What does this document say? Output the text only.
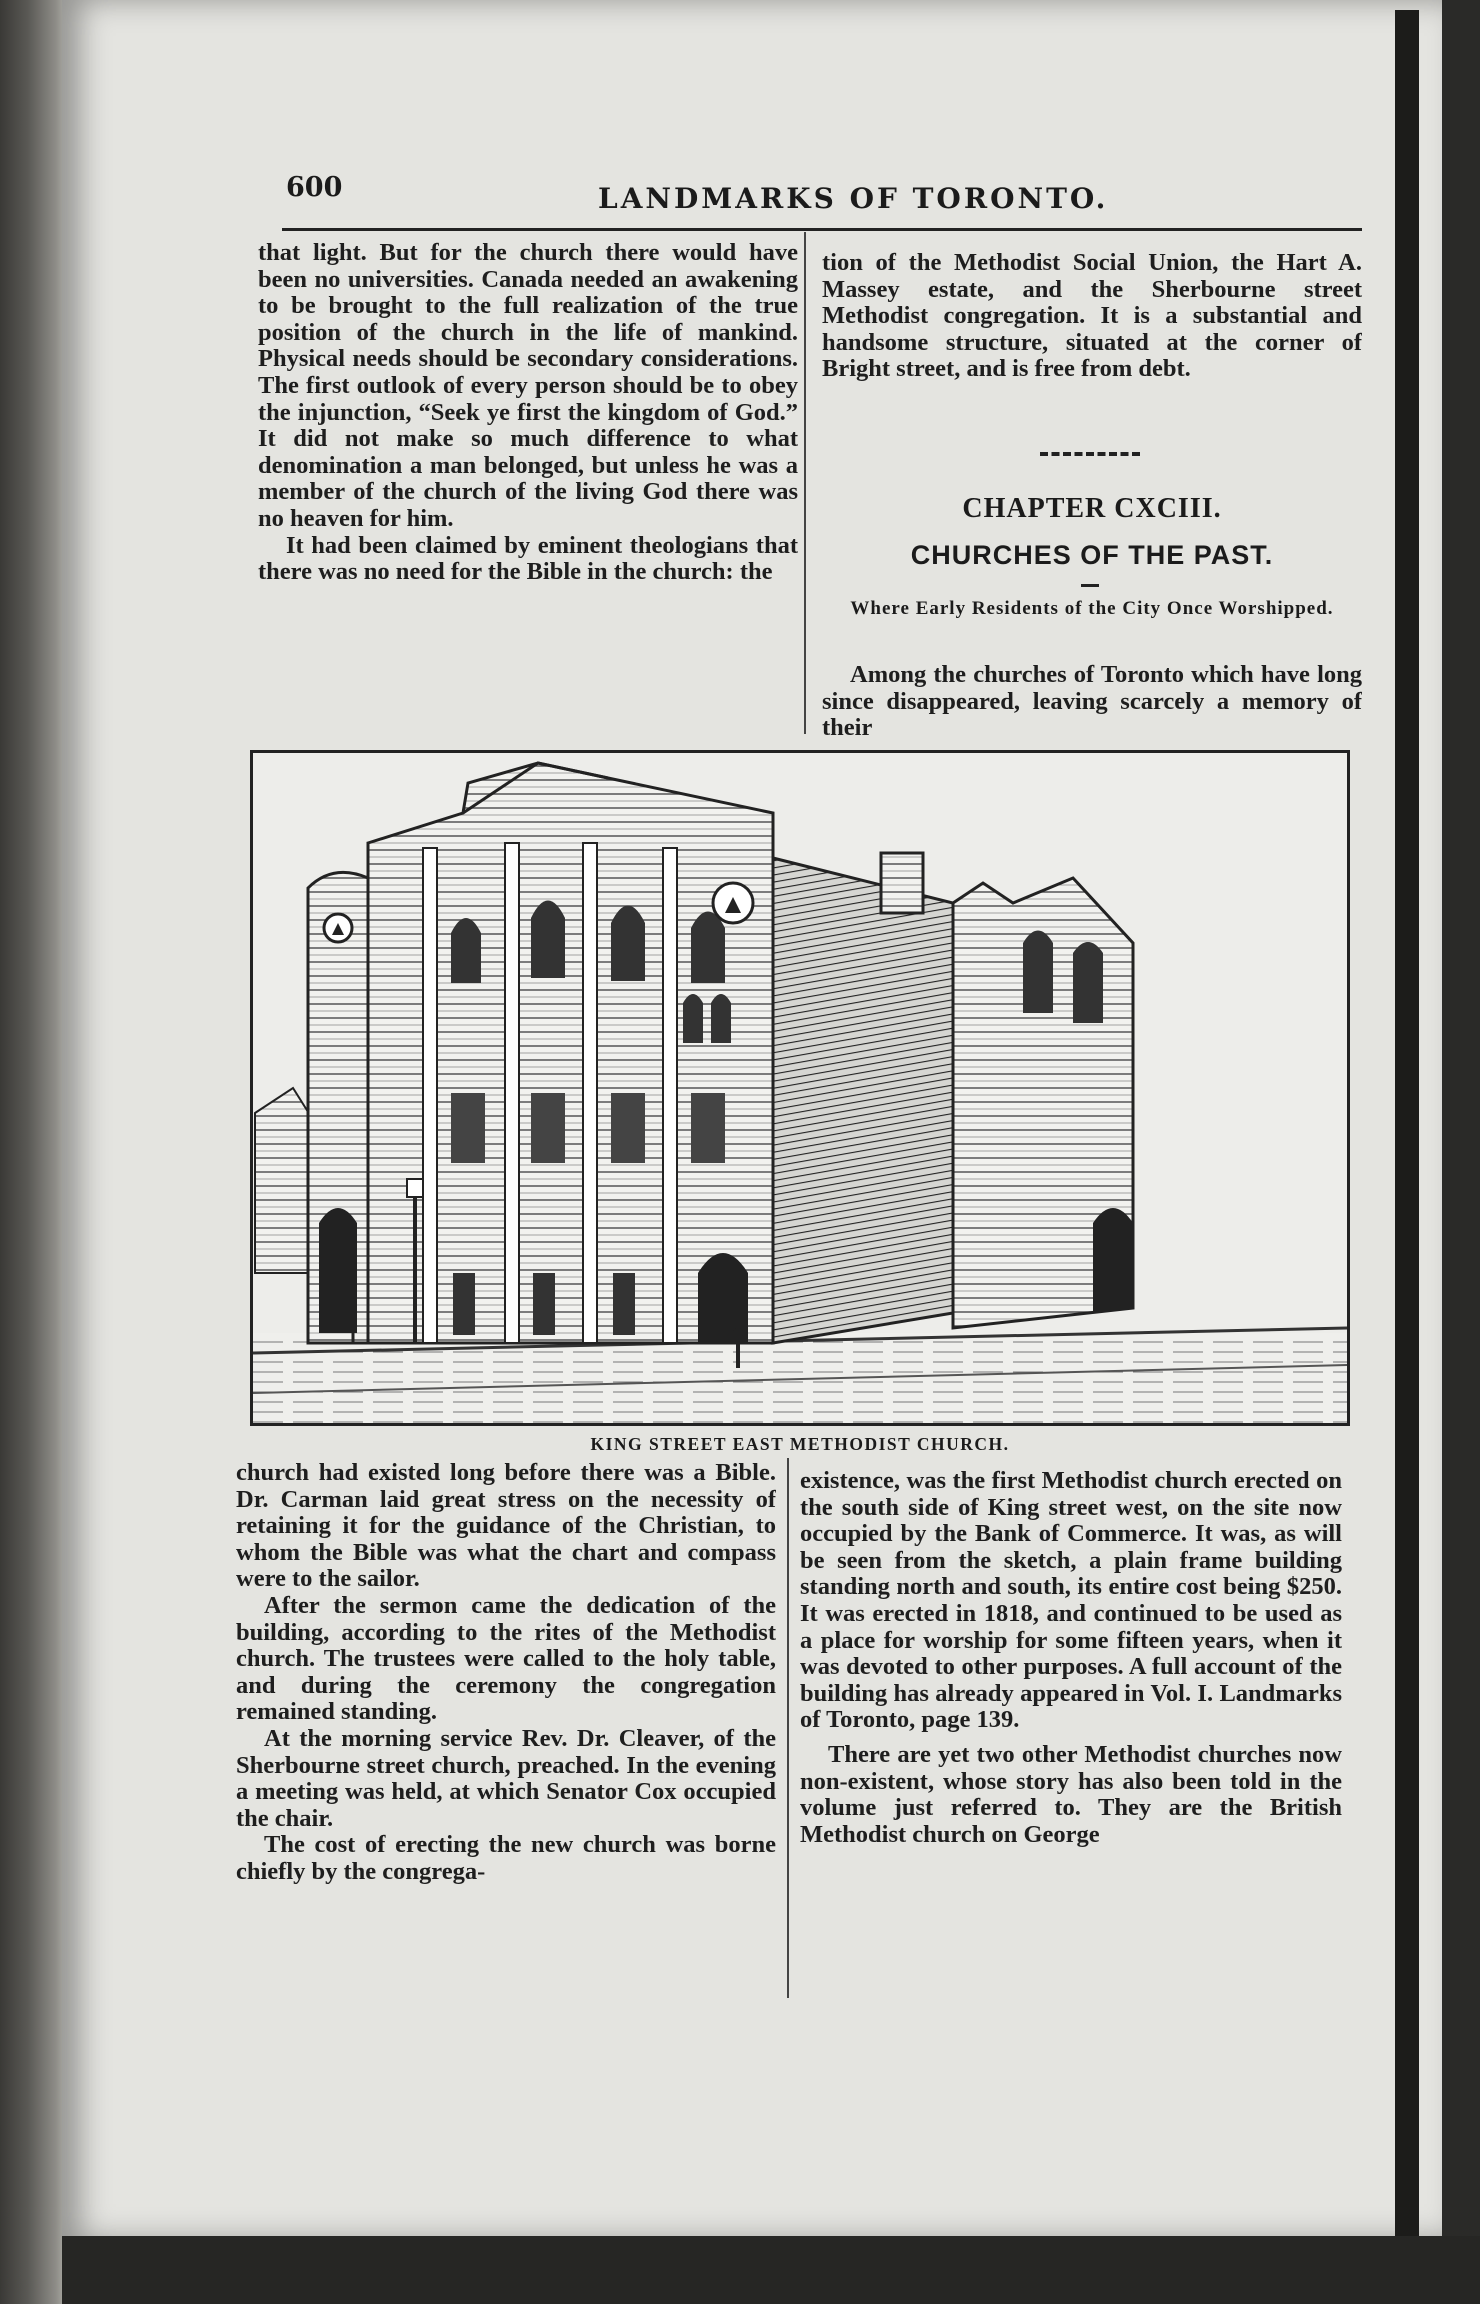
600	LANDMARKS OF TORONTO.

that light. But for the church there would have been no universities. Canada needed an awakening to be brought to the full realization of the true position of the church in the life of mankind. Physical needs should be secondary considerations. The first outlook of every person should be to obey the injunction, “Seek ye first the kingdom of God.” It did not make so much difference to what denomination a man belonged, but unless he was a member of the church of the living God there was no heaven for him.

It had been claimed by eminent theologians that there was no need for the Bible in the church: the

tion of the Methodist Social Union, the Hart A. Massey estate, and the Sherbourne street Methodist congregation. It is a substantial and handsome structure, situated at the corner of Bright street, and is free from debt.

CHAPTER CXCIII.
CHURCHES OF THE PAST.
Where Early Residents of the City Once Worshipped.

Among the churches of Toronto which have long since disappeared, leaving scarcely a memory of their

KING STREET EAST METHODIST CHURCH.

church had existed long before there was a Bible. Dr. Carman laid great stress on the necessity of retaining it for the guidance of the Christian, to whom the Bible was what the chart and compass were to the sailor.

After the sermon came the dedication of the building, according to the rites of the Methodist church. The trustees were called to the holy table, and during the ceremony the congregation remained standing.

At the morning service Rev. Dr. Cleaver, of the Sherbourne street church, preached. In the evening a meeting was held, at which Senator Cox occupied the chair.

The cost of erecting the new church was borne chiefly by the congrega-

existence, was the first Methodist church erected on the south side of King street west, on the site now occupied by the Bank of Commerce. It was, as will be seen from the sketch, a plain frame building standing north and south, its entire cost being $250. It was erected in 1818, and continued to be used as a place for worship for some fifteen years, when it was devoted to other purposes. A full account of the building has already appeared in Vol. I. Landmarks of Toronto, page 139.

There are yet two other Methodist churches now non-existent, whose story has also been told in the volume just referred to. They are the British Methodist church on George
